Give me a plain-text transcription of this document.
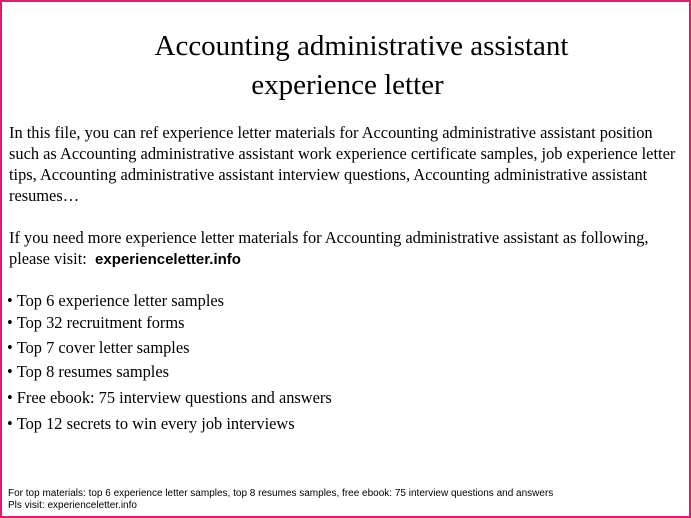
Accounting administrative assistant
experience letter
In this file, you can ref experience letter materials for Accounting administrative assistant position such as Accounting administrative assistant work experience certificate samples, job experience letter tips, Accounting administrative assistant interview questions, Accounting administrative assistant resumes…
If you need more experience letter materials for Accounting administrative assistant as following, please visit: experienceletter.info
• Top 6 experience letter samples
• Top 32 recruitment forms
• Top 7 cover letter samples
• Top 8 resumes samples
• Free ebook: 75 interview questions and answers
• Top 12 secrets to win every job interviews
For top materials: top 6 experience letter samples, top 8 resumes samples, free ebook: 75 interview questions and answers
Pls visit: experienceletter.info
